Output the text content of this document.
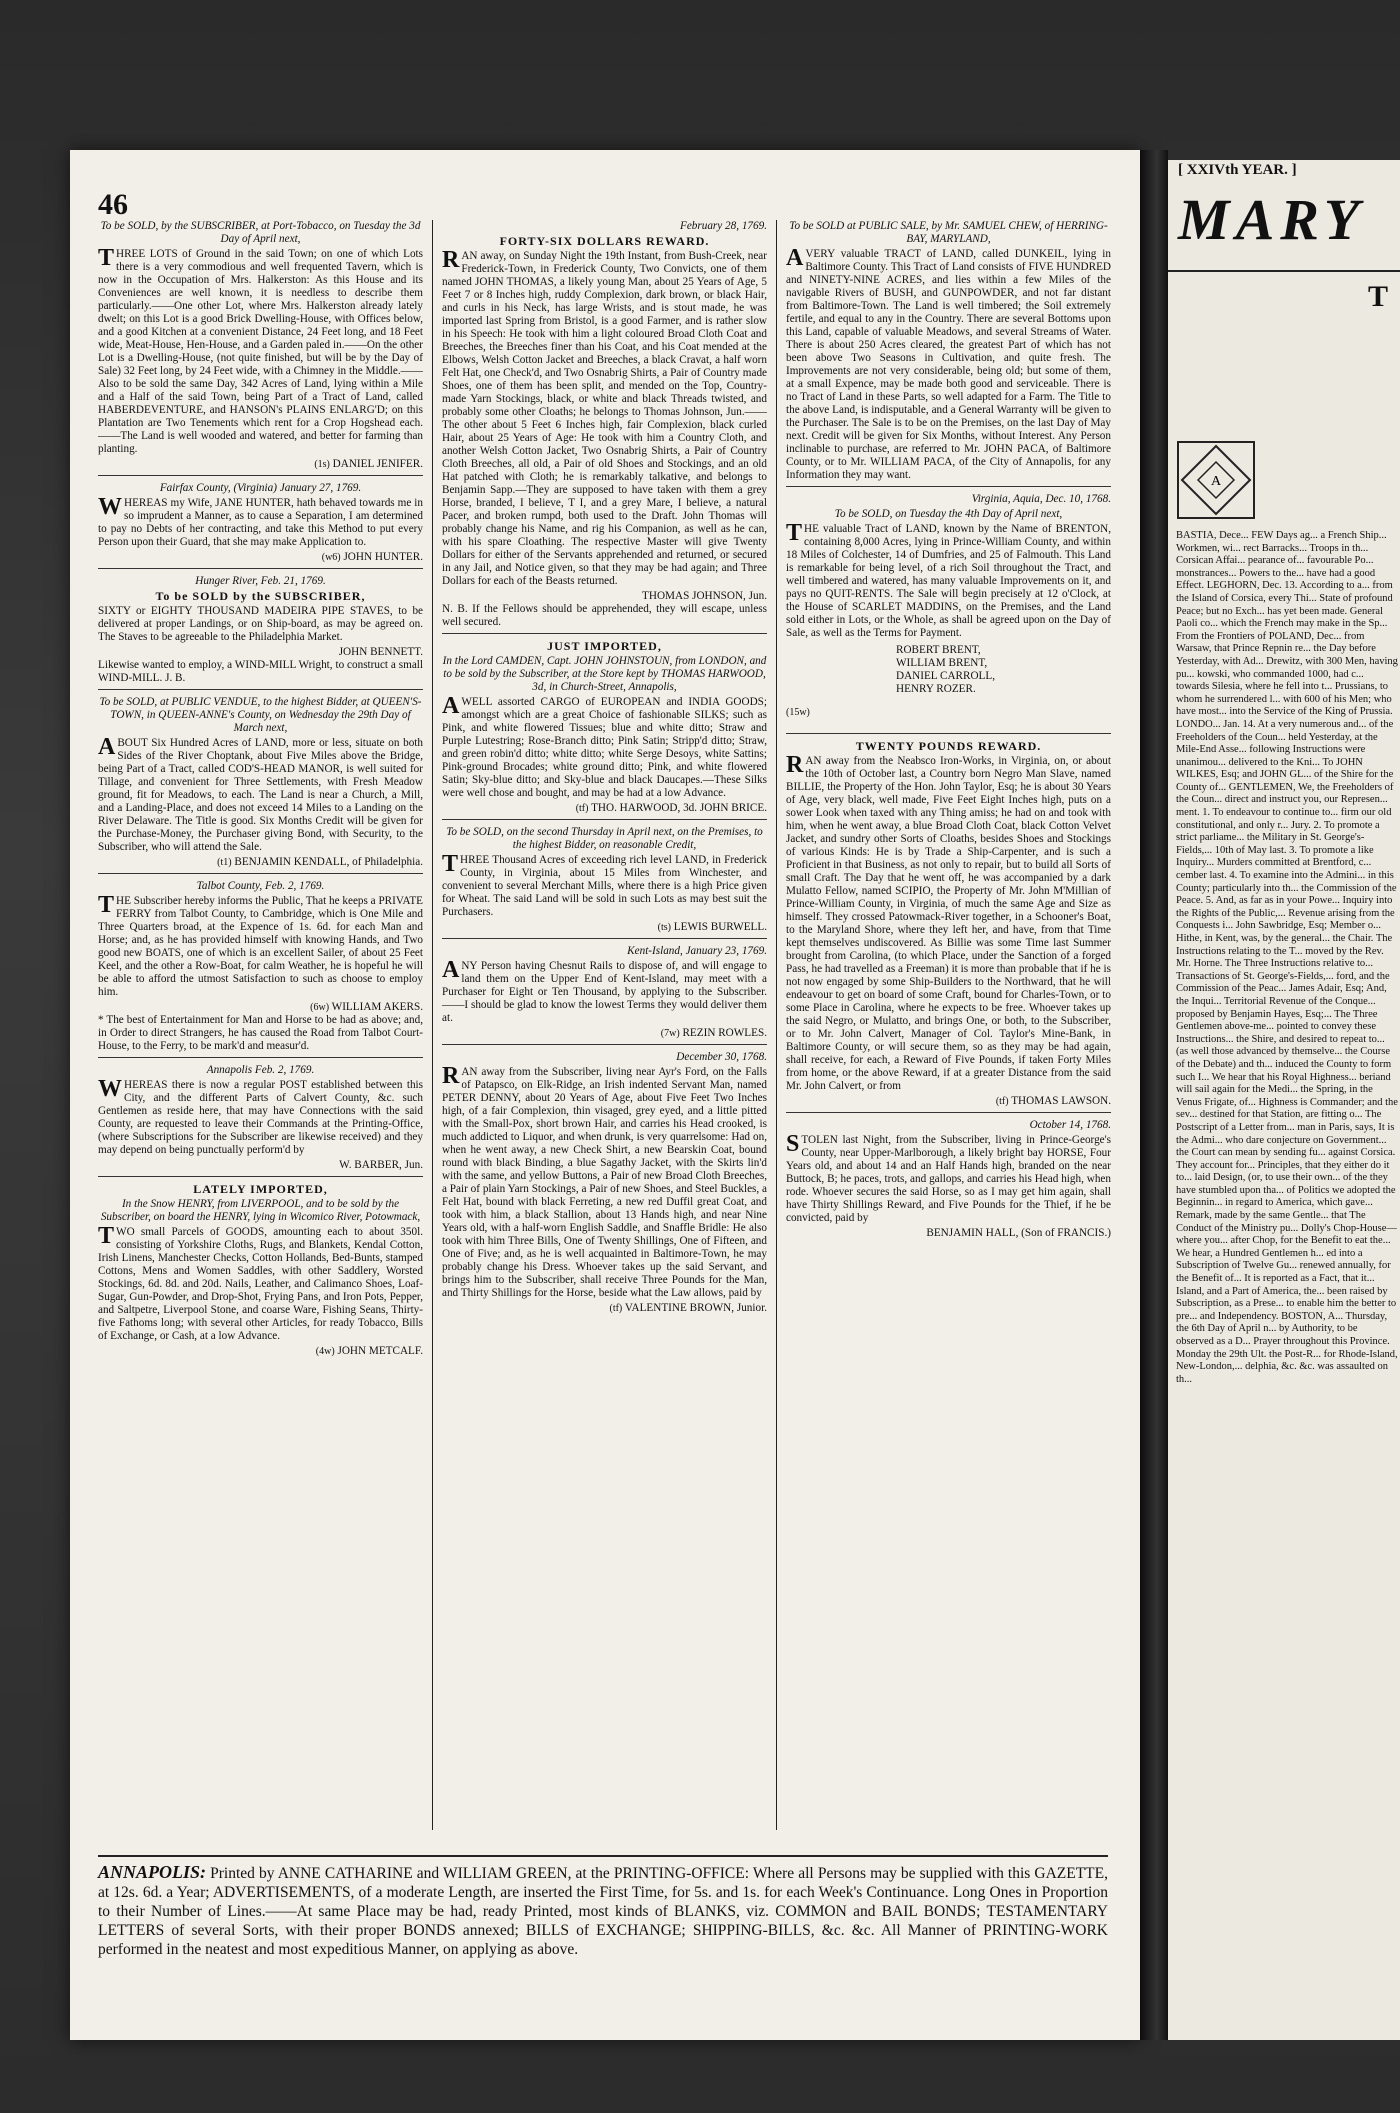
46

To be SOLD, by the SUBSCRIBER, at Port-Tobacco, on Tuesday the 3d Day of April next,

THREE LOTS of Ground in the said Town; on one of which Lots there is a very commodious and well frequented Tavern, which is now in the Occupation of Mrs. Halkerston: As this House and its Conveniences are well known, it is needless to describe them particularly.——One other Lot, where Mrs. Halkerston already lately dwelt; on this Lot is a good Brick Dwelling-House, with Offices below, and a good Kitchen at a convenient Distance, 24 Feet long, and 18 Feet wide, Meat-House, Hen-House, and a Garden paled in.——On the other Lot is a Dwelling-House, (not quite finished, but will be by the Day of Sale) 32 Feet long, by 24 Feet wide, with a Chimney in the Middle.——Also to be sold the same Day, 342 Acres of Land, lying within a Mile and a Half of the said Town, being Part of a Tract of Land, called HABERDEVENTURE, and HANSON's PLAINS ENLARG'D; on this Plantation are Two Tenements which rent for a Crop Hogshead each.——The Land is well wooded and watered, and better for farming than planting.

(1s) DANIEL JENIFER.

Fairfax County, (Virginia) January 27, 1769.

WHEREAS my Wife, JANE HUNTER, hath behaved towards me in so imprudent a Manner, as to cause a Separation, I am determined to pay no Debts of her contracting, and take this Method to put every Person upon their Guard, that she may make Application to.

(w6) JOHN HUNTER.

Hunger River, Feb. 21, 1769.

To be SOLD by the SUBSCRIBER,

SIXTY or EIGHTY THOUSAND MADEIRA PIPE STAVES, to be delivered at proper Landings, or on Ship-board, as may be agreed on. The Staves to be agreeable to the Philadelphia Market.

JOHN BENNETT.

Likewise wanted to employ, a WIND-MILL Wright, to construct a small WIND-MILL. J. B.

To be SOLD, at PUBLIC VENDUE, to the highest Bidder, at QUEEN'S-TOWN, in QUEEN-ANNE's County, on Wednesday the 29th Day of March next,

ABOUT Six Hundred Acres of LAND, more or less, situate on both Sides of the River Choptank, about Five Miles above the Bridge, being Part of a Tract, called COD'S-HEAD MANOR, is well suited for Tillage, and convenient for Three Settlements, with Fresh Meadow ground, fit for Meadows, to each. The Land is near a Church, a Mill, and a Landing-Place, and does not exceed 14 Miles to a Landing on the River Delaware. The Title is good. Six Months Credit will be given for the Purchase-Money, the Purchaser giving Bond, with Security, to the Subscriber, who will attend the Sale.

(t1) BENJAMIN KENDALL, of Philadelphia.

Talbot County, Feb. 2, 1769.

THE Subscriber hereby informs the Public, That he keeps a PRIVATE FERRY from Talbot County, to Cambridge, which is One Mile and Three Quarters broad, at the Expence of 1s. 6d. for each Man and Horse; and, as he has provided himself with knowing Hands, and Two good new BOATS, one of which is an excellent Sailer, of about 25 Feet Keel, and the other a Row-Boat, for calm Weather, he is hopeful he will be able to afford the utmost Satisfaction to such as choose to employ him.

(6w) WILLIAM AKERS.

* The best of Entertainment for Man and Horse to be had as above; and, in Order to direct Strangers, he has caused the Road from Talbot Court-House, to the Ferry, to be mark'd and measur'd.

Annapolis Feb. 2, 1769.

WHEREAS there is now a regular POST established between this City, and the different Parts of Calvert County, &c. such Gentlemen as reside here, that may have Connections with the said County, are requested to leave their Commands at the Printing-Office, (where Subscriptions for the Subscriber are likewise received) and they may depend on being punctually perform'd by

W. BARBER, Jun.

LATELY IMPORTED,

In the Snow HENRY, from LIVERPOOL, and to be sold by the Subscriber, on board the HENRY, lying in Wicomico River, Potowmack,

TWO small Parcels of GOODS, amounting each to about 350l. consisting of Yorkshire Cloths, Rugs, and Blankets, Kendal Cotton, Irish Linens, Manchester Checks, Cotton Hollands, Bed-Bunts, stamped Cottons, Mens and Women Saddles, with other Saddlery, Worsted Stockings, 6d. 8d. and 20d. Nails, Leather, and Calimanco Shoes, Loaf-Sugar, Gun-Powder, and Drop-Shot, Frying Pans, and Iron Pots, Pepper, and Saltpetre, Liverpool Stone, and coarse Ware, Fishing Seans, Thirty-five Fathoms long; with several other Articles, for ready Tobacco, Bills of Exchange, or Cash, at a low Advance.

(4w) JOHN METCALF.

February 28, 1769.

FORTY-SIX DOLLARS REWARD.

RAN away, on Sunday Night the 19th Instant, from Bush-Creek, near Frederick-Town, in Frederick County, Two Convicts, one of them named JOHN THOMAS, a likely young Man, about 25 Years of Age, 5 Feet 7 or 8 Inches high, ruddy Complexion, dark brown, or black Hair, and curls in his Neck, has large Wrists, and is stout made, he was imported last Spring from Bristol, is a good Farmer, and is rather slow in his Speech: He took with him a light coloured Broad Cloth Coat and Breeches, the Breeches finer than his Coat, and his Coat mended at the Elbows, Welsh Cotton Jacket and Breeches, a black Cravat, a half worn Felt Hat, one Check'd, and Two Osnabrig Shirts, a Pair of Country made Shoes, one of them has been split, and mended on the Top, Country-made Yarn Stockings, black, or white and black Threads twisted, and probably some other Cloaths; he belongs to Thomas Johnson, Jun.——The other about 5 Feet 6 Inches high, fair Complexion, black curled Hair, about 25 Years of Age: He took with him a Country Cloth, and another Welsh Cotton Jacket, Two Osnabrig Shirts, a Pair of Country Cloth Breeches, all old, a Pair of old Shoes and Stockings, and an old Hat patched with Cloth; he is remarkably talkative, and belongs to Benjamin Sapp.—They are supposed to have taken with them a grey Horse, branded, I believe, T I, and a grey Mare, I believe, a natural Pacer, and broken rumpd, both used to the Draft. John Thomas will probably change his Name, and rig his Companion, as well as he can, with his spare Cloathing. The respective Master will give Twenty Dollars for either of the Servants apprehended and returned, or secured in any Jail, and Notice given, so that they may be had again; and Three Dollars for each of the Beasts returned.

THOMAS JOHNSON, Jun.

N. B. If the Fellows should be apprehended, they will escape, unless well secured.

JUST IMPORTED,

In the Lord CAMDEN, Capt. JOHN JOHNSTOUN, from LONDON, and to be sold by the Subscriber, at the Store kept by THOMAS HARWOOD, 3d, in Church-Street, Annapolis,

AWELL assorted CARGO of EUROPEAN and INDIA GOODS; amongst which are a great Choice of fashionable SILKS; such as Pink, and white flowered Tissues; blue and white ditto; Straw and Purple Lutestring; Rose-Branch ditto; Pink Satin; Stripp'd ditto; Straw, and green robin'd ditto; white ditto; white Serge Desoys, white Sattins; Pink-ground Brocades; white ground ditto; Pink, and white flowered Satin; Sky-blue ditto; and Sky-blue and black Daucapes.—These Silks were well chose and bought, and may be had at a low Advance.

(tf) THO. HARWOOD, 3d. JOHN BRICE.

To be SOLD, on the second Thursday in April next, on the Premises, to the highest Bidder, on reasonable Credit,

THREE Thousand Acres of exceeding rich level LAND, in Frederick County, in Virginia, about 15 Miles from Winchester, and convenient to several Merchant Mills, where there is a high Price given for Wheat. The said Land will be sold in such Lots as may best suit the Purchasers.

(ts) LEWIS BURWELL.

Kent-Island, January 23, 1769.

ANY Person having Chesnut Rails to dispose of, and will engage to land them on the Upper End of Kent-Island, may meet with a Purchaser for Eight or Ten Thousand, by applying to the Subscriber.——I should be glad to know the lowest Terms they would deliver them at.

(7w) REZIN ROWLES.

December 30, 1768.

RAN away from the Subscriber, living near Ayr's Ford, on the Falls of Patapsco, on Elk-Ridge, an Irish indented Servant Man, named PETER DENNY, about 20 Years of Age, about Five Feet Two Inches high, of a fair Complexion, thin visaged, grey eyed, and a little pitted with the Small-Pox, short brown Hair, and carries his Head crooked, is much addicted to Liquor, and when drunk, is very quarrelsome: Had on, when he went away, a new Check Shirt, a new Bearskin Coat, bound round with black Binding, a blue Sagathy Jacket, with the Skirts lin'd with the same, and yellow Buttons, a Pair of new Broad Cloth Breeches, a Pair of plain Yarn Stockings, a Pair of new Shoes, and Steel Buckles, a Felt Hat, bound with black Ferreting, a new red Duffil great Coat, and took with him, a black Stallion, about 13 Hands high, and near Nine Years old, with a half-worn English Saddle, and Snaffle Bridle: He also took with him Three Bills, One of Twenty Shillings, One of Fifteen, and One of Five; and, as he is well acquainted in Baltimore-Town, he may probably change his Dress. Whoever takes up the said Servant, and brings him to the Subscriber, shall receive Three Pounds for the Man, and Thirty Shillings for the Horse, beside what the Law allows, paid by

(tf) VALENTINE BROWN, Junior.

To be SOLD at PUBLIC SALE, by Mr. SAMUEL CHEW, of HERRING-BAY, MARYLAND,

AVERY valuable TRACT of LAND, called DUNKEIL, lying in Baltimore County. This Tract of Land consists of FIVE HUNDRED and NINETY-NINE ACRES, and lies within a few Miles of the navigable Rivers of BUSH, and GUNPOWDER, and not far distant from Baltimore-Town. The Land is well timbered; the Soil extremely fertile, and equal to any in the Country. There are several Bottoms upon this Land, capable of valuable Meadows, and several Streams of Water. There is about 250 Acres cleared, the greatest Part of which has not been above Two Seasons in Cultivation, and quite fresh. The Improvements are not very considerable, being old; but some of them, at a small Expence, may be made both good and serviceable. There is no Tract of Land in these Parts, so well adapted for a Farm. The Title to the above Land, is indisputable, and a General Warranty will be given to the Purchaser. The Sale is to be on the Premises, on the last Day of May next. Credit will be given for Six Months, without Interest. Any Person inclinable to purchase, are referred to Mr. JOHN PACA, of Baltimore County, or to Mr. WILLIAM PACA, of the City of Annapolis, for any Information they may want.

Virginia, Aquia, Dec. 10, 1768.

To be SOLD, on Tuesday the 4th Day of April next,

THE valuable Tract of LAND, known by the Name of BRENTON, containing 8,000 Acres, lying in Prince-William County, and within 18 Miles of Colchester, 14 of Dumfries, and 25 of Falmouth. This Land is remarkable for being level, of a rich Soil throughout the Tract, and well timbered and watered, has many valuable Improvements on it, and pays no QUIT-RENTS. The Sale will begin precisely at 12 o'Clock, at the House of SCARLET MADDINS, on the Premises, and the Land sold either in Lots, or the Whole, as shall be agreed upon on the Day of Sale, as well as the Terms for Payment.

ROBERT BRENT,
WILLIAM BRENT,
DANIEL CARROLL,
HENRY ROZER.

(15w)

TWENTY POUNDS REWARD.

RAN away from the Neabsco Iron-Works, in Virginia, on, or about the 10th of October last, a Country born Negro Man Slave, named BILLIE, the Property of the Hon. John Taylor, Esq; he is about 30 Years of Age, very black, well made, Five Feet Eight Inches high, puts on a sower Look when taxed with any Thing amiss; he had on and took with him, when he went away, a blue Broad Cloth Coat, black Cotton Velvet Jacket, and sundry other Sorts of Cloaths, besides Shoes and Stockings of various Kinds: He is by Trade a Ship-Carpenter, and is such a Proficient in that Business, as not only to repair, but to build all Sorts of small Craft. The Day that he went off, he was accompanied by a dark Mulatto Fellow, named SCIPIO, the Property of Mr. John M'Millian of Prince-William County, in Virginia, of much the same Age and Size as himself. They crossed Patowmack-River together, in a Schooner's Boat, to the Maryland Shore, where they left her, and have, from that Time kept themselves undiscovered. As Billie was some Time last Summer brought from Carolina, (to which Place, under the Sanction of a forged Pass, he had travelled as a Freeman) it is more than probable that if he is not now engaged by some Ship-Builders to the Northward, that he will endeavour to get on board of some Craft, bound for Charles-Town, or to some Place in Carolina, where he expects to be free. Whoever takes up the said Negro, or Mulatto, and brings One, or both, to the Subscriber, or to Mr. John Calvert, Manager of Col. Taylor's Mine-Bank, in Baltimore County, or will secure them, so as they may be had again, shall receive, for each, a Reward of Five Pounds, if taken Forty Miles from home, or the above Reward, if at a greater Distance from the said Mr. John Calvert, or from

(tf) THOMAS LAWSON.

October 14, 1768.

STOLEN last Night, from the Subscriber, living in Prince-George's County, near Upper-Marlborough, a likely bright bay HORSE, Four Years old, and about 14 and an Half Hands high, branded on the near Buttock, B; he paces, trots, and gallops, and carries his Head high, when rode. Whoever secures the said Horse, so as I may get him again, shall have Thirty Shillings Reward, and Five Pounds for the Thief, if he be convicted, paid by

BENJAMIN HALL, (Son of FRANCIS.)

ANNAPOLIS: Printed by ANNE CATHARINE and WILLIAM GREEN, at the PRINTING-OFFICE: Where all Persons may be supplied with this GAZETTE, at 12s. 6d. a Year; ADVERTISEMENTS, of a moderate Length, are inserted the First Time, for 5s. and 1s. for each Week's Continuance. Long Ones in Proportion to their Number of Lines.——At same Place may be had, ready Printed, most kinds of BLANKS, viz. COMMON and BAIL BONDS; TESTAMENTARY LETTERS of several Sorts, with their proper BONDS annexed; BILLS of EXCHANGE; SHIPPING-BILLS, &c. &c. All Manner of PRINTING-WORK performed in the neatest and most expeditious Manner, on applying as above.
[ XXIVth YEAR. ]
MARY
T
A
BASTIA, Dece... FEW Days ag... a French Ship... Workmen, wi... rect Barracks... Troops in th... Corsican Affai... pearance of... favourable Po... monstrances... Powers to the... have had a good Effect. LEGHORN, Dec. 13. According to a... from the Island of Corsica, every Thi... State of profound Peace; but no Exch... has yet been made. General Paoli co... which the French may make in the Sp... From the Frontiers of POLAND, Dec... from Warsaw, that Prince Repnin re... the Day before Yesterday, with Ad... Drewitz, with 300 Men, having pu... kowski, who commanded 1000, had c... towards Silesia, where he fell into t... Prussians, to whom he surrendered l... with 600 of his Men; who have most... into the Service of the King of Prussia. LONDO... Jan. 14. At a very numerous and... of the Freeholders of the Coun... held Yesterday, at the Mile-End Asse... following Instructions were unanimou... delivered to the Kni... To JOHN WILKES, Esq; and JOHN GL... of the Shire for the County of... GENTLEMEN, We, the Freeholders of the Coun... direct and instruct you, our Represen... ment. 1. To endeavour to continue to... firm our old constitutional, and only r... Jury. 2. To promote a strict parliame... the Military in St. George's-Fields,... 10th of May last. 3. To promote a like Inquiry... Murders committed at Brentford, c... cember last. 4. To examine into the Admini... in this County; particularly into th... the Commission of the Peace. 5. And, as far as in your Powe... Inquiry into the Rights of the Public,... Revenue arising from the Conquests i... John Sawbridge, Esq; Member o... Hithe, in Kent, was, by the general... the Chair. The Instructions relating to the T... moved by the Rev. Mr. Horne. The Three Instructions relative to... Transactions of St. George's-Fields,... ford, and the Commission of the Peac... James Adair, Esq; And, the Inqui... Territorial Revenue of the Conque... proposed by Benjamin Hayes, Esq;... The Three Gentlemen above-me... pointed to convey these Instructions... the Shire, and desired to repeat to... (as well those advanced by themselve... the Course of the Debate) and th... induced the County to form such I... We hear that his Royal Highness... beriand will sail again for the Medi... the Spring, in the Venus Frigate, of... Highness is Commander; and the sev... destined for that Station, are fitting o... The Postscript of a Letter from... man in Paris, says, It is the Admi... who dare conjecture on Government... the Court can mean by sending fu... against Corsica. They account for... Principles, that they either do it to... laid Design, (or, to use their own... of the they have stumbled upon tha... of Politics we adopted the Beginnin... in regard to America, which gave... Remark, made by the same Gentle... that The Conduct of the Ministry pu... Dolly's Chop-House—where you... after Chop, for the Benefit to eat the... We hear, a Hundred Gentlemen h... ed into a Subscription of Twelve Gu... renewed annually, for the Benefit of... It is reported as a Fact, that it... Island, and a Part of America, the... been raised by Subscription, as a Prese... to enable him the better to pre... and Independency. BOSTON, A... Thursday, the 6th Day of April n... by Authority, to be observed as a D... Prayer throughout this Province. Monday the 29th Ult. the Post-R... for Rhode-Island, New-London,... delphia, &c. &c. was assaulted on th...
